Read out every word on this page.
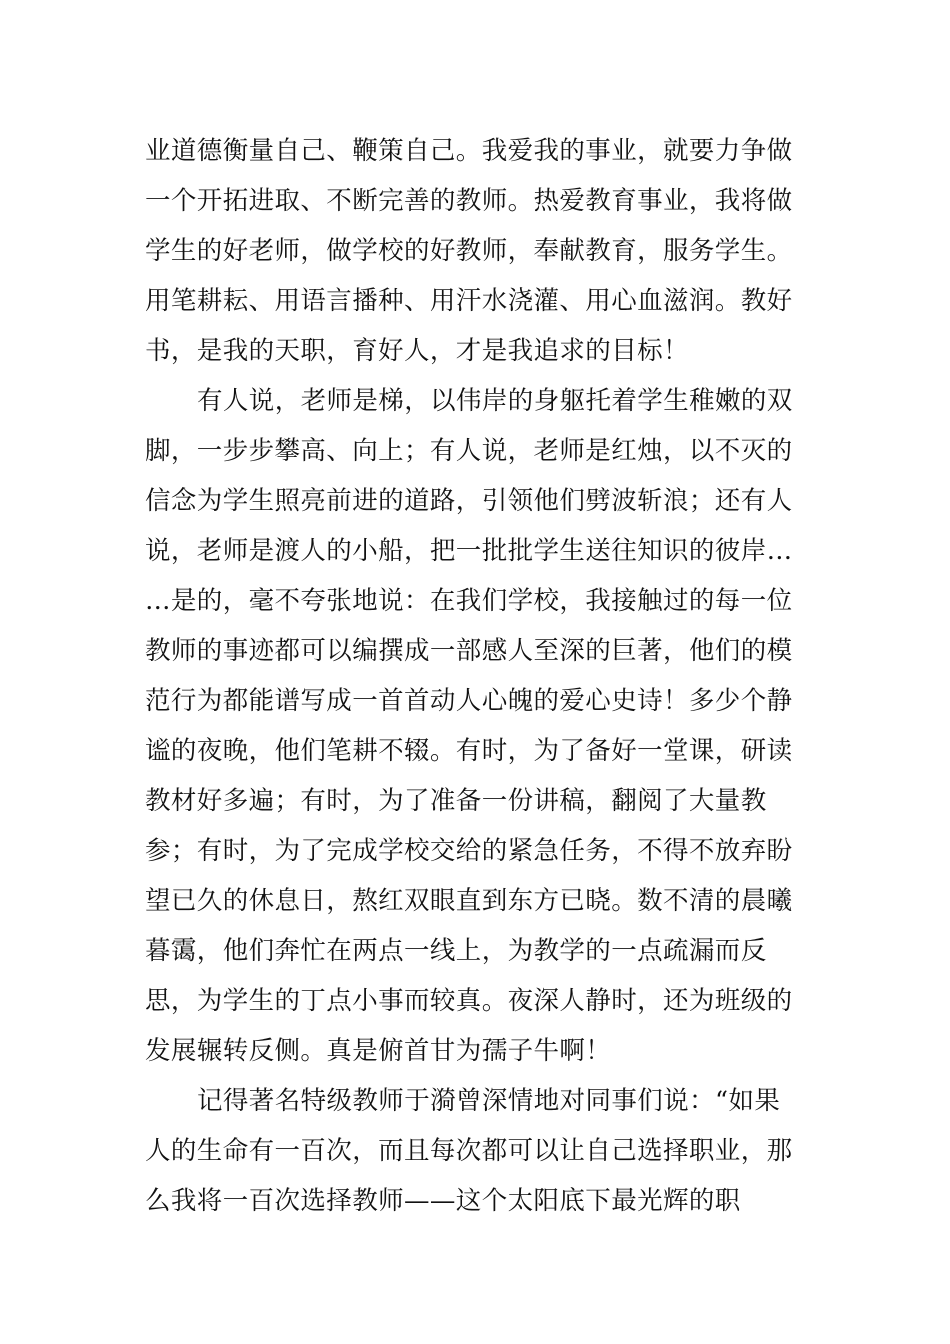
业道德衡量自己、鞭策自己。我爱我的事业，就要力争做
一个开拓进取、不断完善的教师。热爱教育事业，我将做
学生的好老师，做学校的好教师，奉献教育，服务学生。
用笔耕耘、用语言播种、用汗水浇灌、用心血滋润。教好
书，是我的天职，育好人，才是我追求的目标！
有人说，老师是梯，以伟岸的身躯托着学生稚嫩的双
脚，一步步攀高、向上；有人说，老师是红烛，以不灭的
信念为学生照亮前进的道路，引领他们劈波斩浪；还有人
说，老师是渡人的小船，把一批批学生送往知识的彼岸…
…是的，毫不夸张地说：在我们学校，我接触过的每一位
教师的事迹都可以编撰成一部感人至深的巨著，他们的模
范行为都能谱写成一首首动人心魄的爱心史诗！多少个静
谧的夜晚，他们笔耕不辍。有时，为了备好一堂课，研读
教材好多遍；有时，为了准备一份讲稿，翻阅了大量教
参；有时，为了完成学校交给的紧急任务，不得不放弃盼
望已久的休息日，熬红双眼直到东方已晓。数不清的晨曦
暮霭，他们奔忙在两点一线上，为教学的一点疏漏而反
思，为学生的丁点小事而较真。夜深人静时，还为班级的
发展辗转反侧。真是俯首甘为孺子牛啊！
记得著名特级教师于漪曾深情地对同事们说：“如果
人的生命有一百次，而且每次都可以让自己选择职业，那
么我将一百次选择教师——这个太阳底下最光辉的职
